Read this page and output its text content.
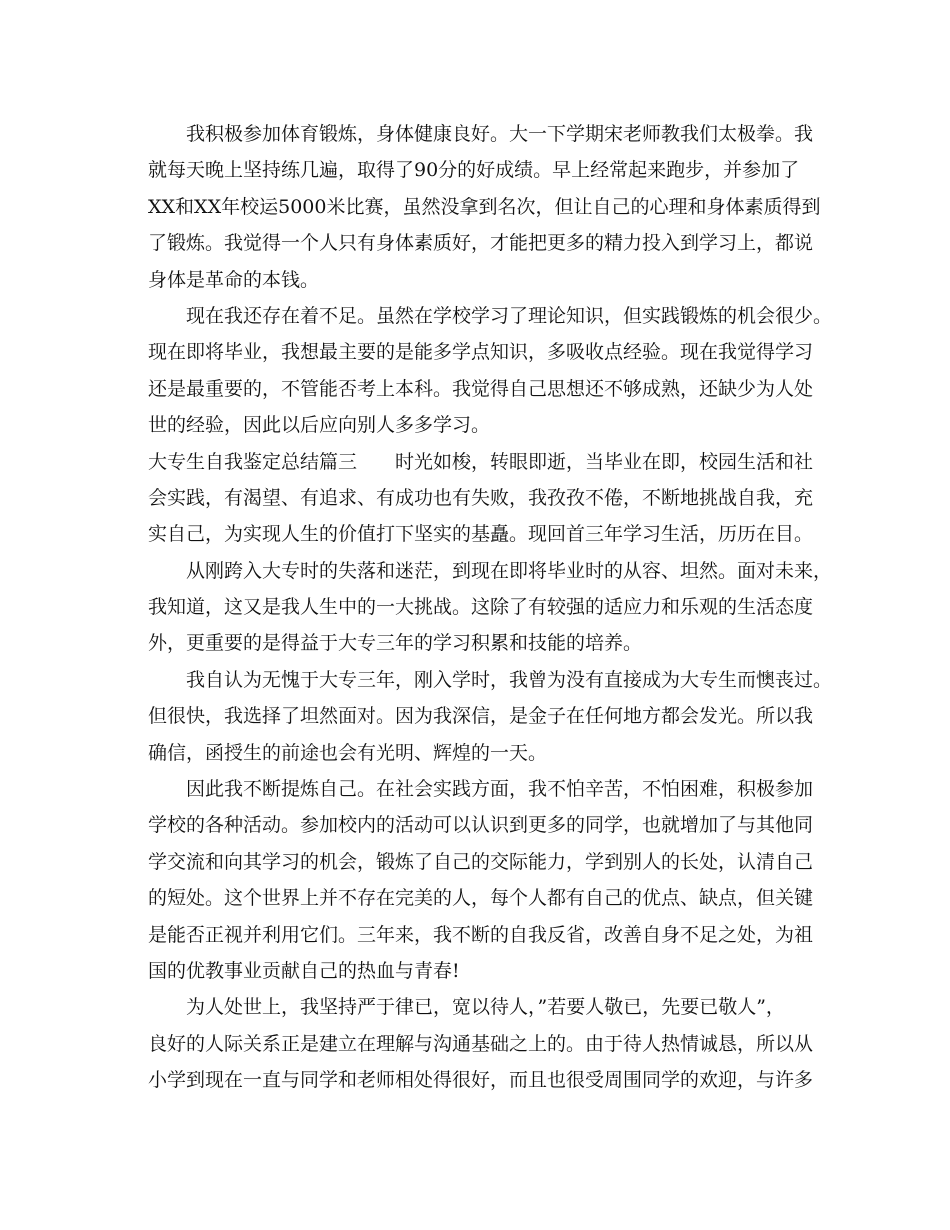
我积极参加体育锻炼，身体健康良好。大一下学期宋老师教我们太极拳。我

就每天晚上坚持练几遍，取得了90分的好成绩。早上经常起来跑步，并参加了

XX和XX年校运5000米比赛，虽然没拿到名次，但让自己的心理和身体素质得到

了锻炼。我觉得一个人只有身体素质好，才能把更多的精力投入到学习上，都说

身体是革命的本钱。

现在我还存在着不足。虽然在学校学习了理论知识，但实践锻炼的机会很少。

现在即将毕业，我想最主要的是能多学点知识，多吸收点经验。现在我觉得学习

还是最重要的，不管能否考上本科。我觉得自己思想还不够成熟，还缺少为人处

世的经验，因此以后应向别人多多学习。

大专生自我鉴定总结篇三　　时光如梭，转眼即逝，当毕业在即，校园生活和社

会实践，有渴望、有追求、有成功也有失败，我孜孜不倦，不断地挑战自我，充

实自己，为实现人生的价值打下坚实的基矗。现回首三年学习生活，历历在目。

从刚跨入大专时的失落和迷茫，到现在即将毕业时的从容、坦然。面对未来，

我知道，这又是我人生中的一大挑战。这除了有较强的适应力和乐观的生活态度

外，更重要的是得益于大专三年的学习积累和技能的培养。

我自认为无愧于大专三年，刚入学时，我曾为没有直接成为大专生而懊丧过。

但很快，我选择了坦然面对。因为我深信，是金子在任何地方都会发光。所以我

确信，函授生的前途也会有光明、辉煌的一天。

因此我不断提炼自己。在社会实践方面，我不怕辛苦，不怕困难，积极参加

学校的各种活动。参加校内的活动可以认识到更多的同学，也就增加了与其他同

学交流和向其学习的机会，锻炼了自己的交际能力，学到别人的长处，认清自己

的短处。这个世界上并不存在完美的人，每个人都有自己的优点、缺点，但关键

是能否正视并利用它们。三年来，我不断的自我反省，改善自身不足之处，为祖

国的优教事业贡献自己的热血与青春!

为人处世上，我坚持严于律已，宽以待人，”若要人敬已，先要已敬人”，

良好的人际关系正是建立在理解与沟通基础之上的。由于待人热情诚恳，所以从

小学到现在一直与同学和老师相处得很好，而且也很受周围同学的欢迎，与许多
